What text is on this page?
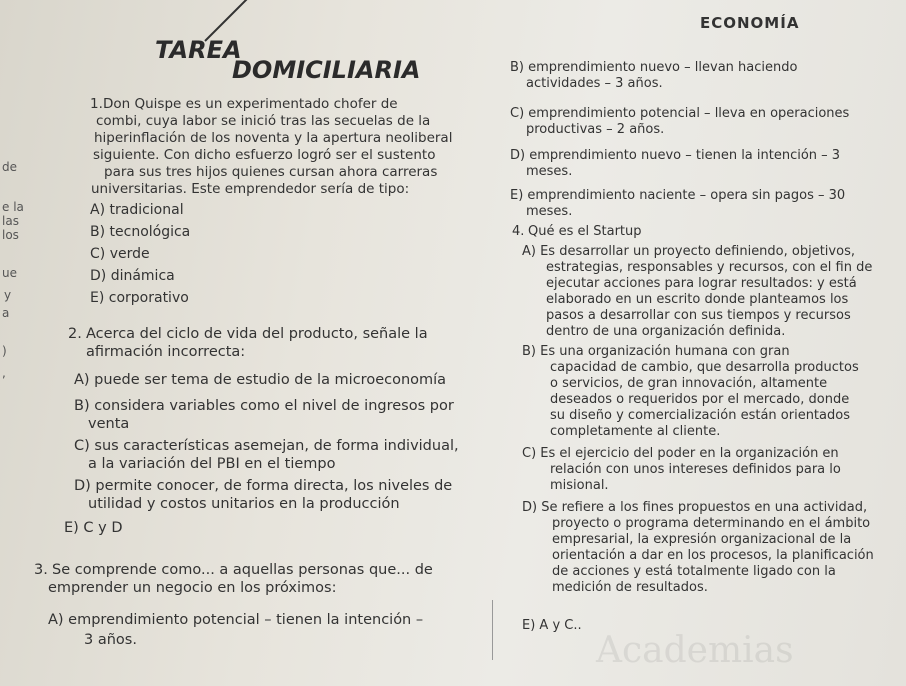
ECONOMÍA
TAREA
DOMICILIARIA
de
e la
las
los
ue
y
a
)
,
1. Don Quispe es un experimentado chofer de
combi, cuya labor se inició tras las secuelas de la
hiperinflación de los noventa y la apertura neoliberal
siguiente. Con dicho esfuerzo logró ser el sustento
para sus tres hijos quienes cursan ahora carreras
universitarias. Este emprendedor sería de tipo:
A) tradicional
B) tecnológica
C) verde
D) dinámica
E) corporativo
2. Acerca del ciclo de vida del producto, señale la
afirmación incorrecta:
A) puede ser tema de estudio de la microeconomía
B) considera variables como el nivel de ingresos por
venta
C) sus características asemejan, de forma individual,
a la variación del PBI en el tiempo
D) permite conocer, de forma directa, los niveles de
utilidad y costos unitarios en la producción
E) C y D
3. Se comprende como... a aquellas personas que... de
emprender un negocio en los próximos:
A) emprendimiento potencial – tienen la intención –
3 años.
B) emprendimiento nuevo – llevan haciendo
actividades – 3 años.
C) emprendimiento potencial – lleva en operaciones
productivas – 2 años.
D) emprendimiento nuevo – tienen la intención – 3
meses.
E) emprendimiento naciente – opera sin pagos – 30
meses.
4. Qué es el Startup
A) Es desarrollar un proyecto definiendo, objetivos,
estrategias, responsables y recursos, con el fin de
ejecutar acciones para lograr resultados: y está
elaborado en un escrito donde planteamos los
pasos a desarrollar con sus tiempos y recursos
dentro de una organización definida.
B) Es una organización humana con gran
capacidad de cambio, que desarrolla productos
o servicios, de gran innovación, altamente
deseados o requeridos por el mercado, donde
su diseño y comercialización están orientados
completamente al cliente.
C) Es el ejercicio del poder en la organización en
relación con unos intereses definidos para lo
misional.
D) Se refiere a los fines propuestos en una actividad,
proyecto o programa determinando en el ámbito
empresarial, la expresión organizacional de la
orientación a dar en los procesos, la planificación
de acciones y está totalmente ligado con la
medición de resultados.
E) A y C..
Academias
